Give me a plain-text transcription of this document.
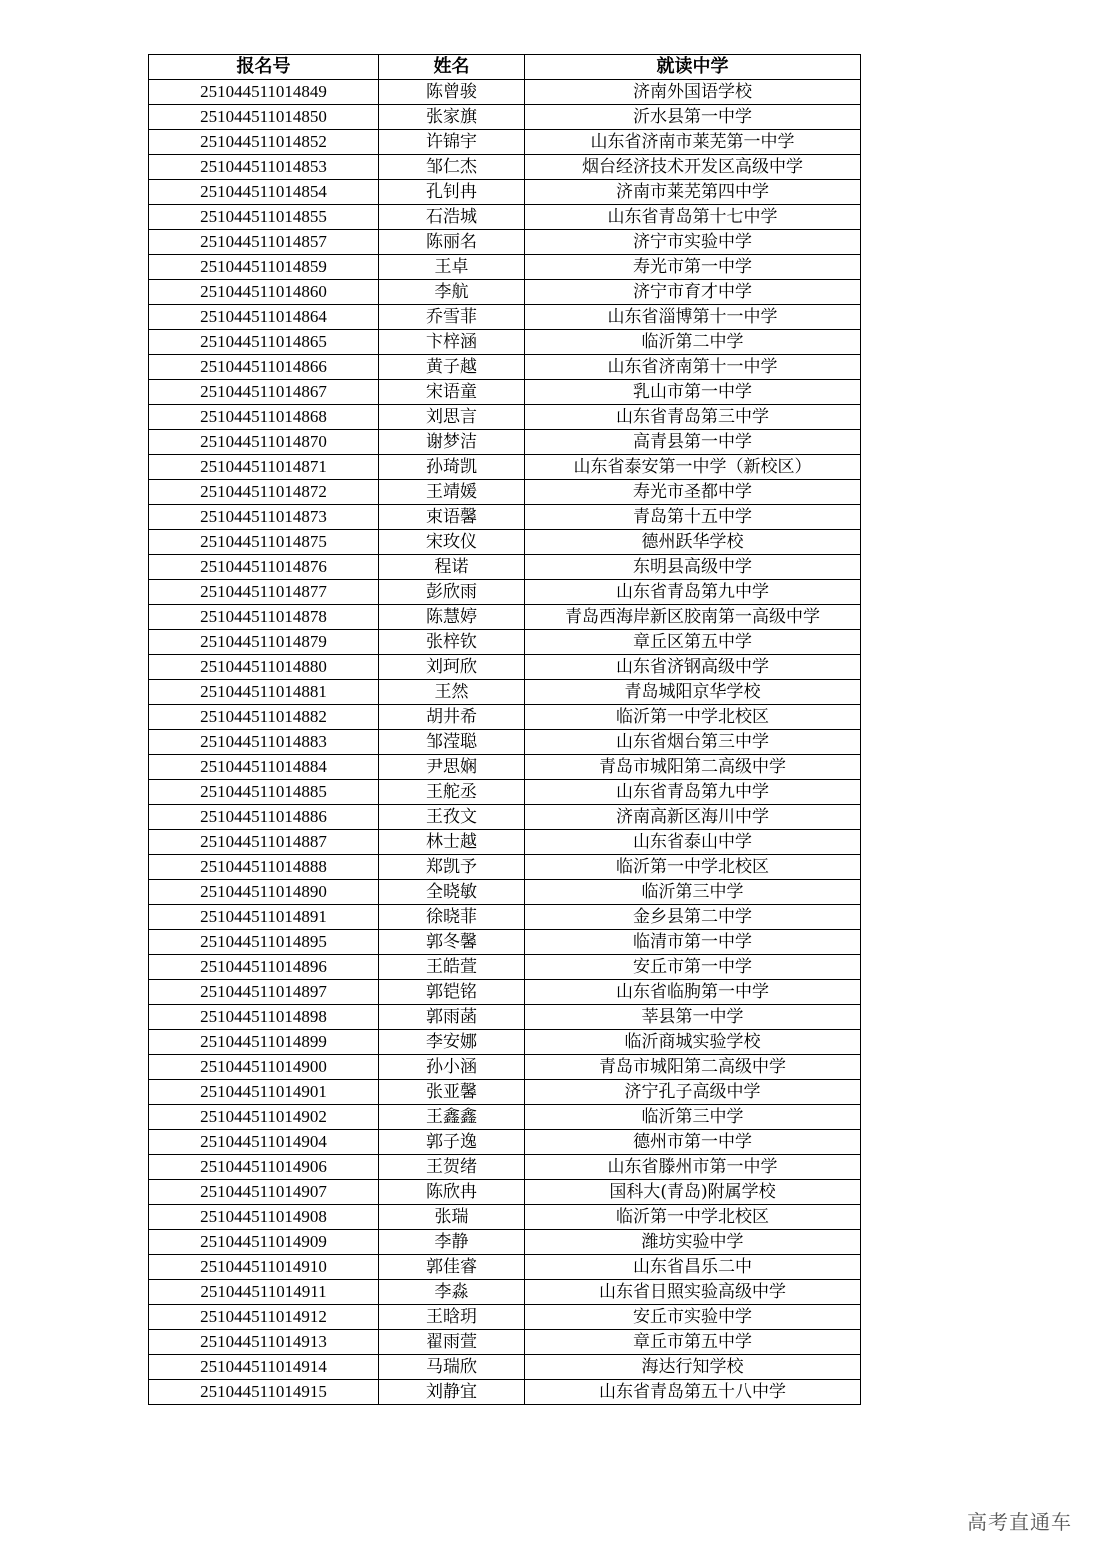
报名号	姓名	就读中学
251044511014849	陈曾骏	济南外国语学校
251044511014850	张家旗	沂水县第一中学
251044511014852	许锦宇	山东省济南市莱芜第一中学
251044511014853	邹仁杰	烟台经济技术开发区高级中学
251044511014854	孔钊冉	济南市莱芜第四中学
251044511014855	石浩城	山东省青岛第十七中学
251044511014857	陈丽名	济宁市实验中学
251044511014859	王卓	寿光市第一中学
251044511014860	李航	济宁市育才中学
251044511014864	乔雪菲	山东省淄博第十一中学
251044511014865	卞梓涵	临沂第二中学
251044511014866	黄子越	山东省济南第十一中学
251044511014867	宋语童	乳山市第一中学
251044511014868	刘思言	山东省青岛第三中学
251044511014870	谢梦洁	高青县第一中学
251044511014871	孙琦凯	山东省泰安第一中学（新校区）
251044511014872	王靖媛	寿光市圣都中学
251044511014873	束语馨	青岛第十五中学
251044511014875	宋玫仪	德州跃华学校
251044511014876	程诺	东明县高级中学
251044511014877	彭欣雨	山东省青岛第九中学
251044511014878	陈慧婷	青岛西海岸新区胶南第一高级中学
251044511014879	张梓钦	章丘区第五中学
251044511014880	刘珂欣	山东省济钢高级中学
251044511014881	王然	青岛城阳京华学校
251044511014882	胡井希	临沂第一中学北校区
251044511014883	邹滢聪	山东省烟台第三中学
251044511014884	尹思娴	青岛市城阳第二高级中学
251044511014885	王舵丞	山东省青岛第九中学
251044511014886	王孜文	济南高新区海川中学
251044511014887	林士越	山东省泰山中学
251044511014888	郑凯予	临沂第一中学北校区
251044511014890	全晓敏	临沂第三中学
251044511014891	徐晓菲	金乡县第二中学
251044511014895	郭冬馨	临清市第一中学
251044511014896	王皓萱	安丘市第一中学
251044511014897	郭铠铭	山东省临朐第一中学
251044511014898	郭雨菡	莘县第一中学
251044511014899	李安娜	临沂商城实验学校
251044511014900	孙小涵	青岛市城阳第二高级中学
251044511014901	张亚馨	济宁孔子高级中学
251044511014902	王鑫鑫	临沂第三中学
251044511014904	郭子逸	德州市第一中学
251044511014906	王贺绪	山东省滕州市第一中学
251044511014907	陈欣冉	国科大(青岛)附属学校
251044511014908	张瑞	临沂第一中学北校区
251044511014909	李静	潍坊实验中学
251044511014910	郭佳睿	山东省昌乐二中
251044511014911	李淼	山东省日照实验高级中学
251044511014912	王晗玥	安丘市实验中学
251044511014913	翟雨萱	章丘市第五中学
251044511014914	马瑞欣	海达行知学校
251044511014915	刘静宜	山东省青岛第五十八中学
高考直通车
